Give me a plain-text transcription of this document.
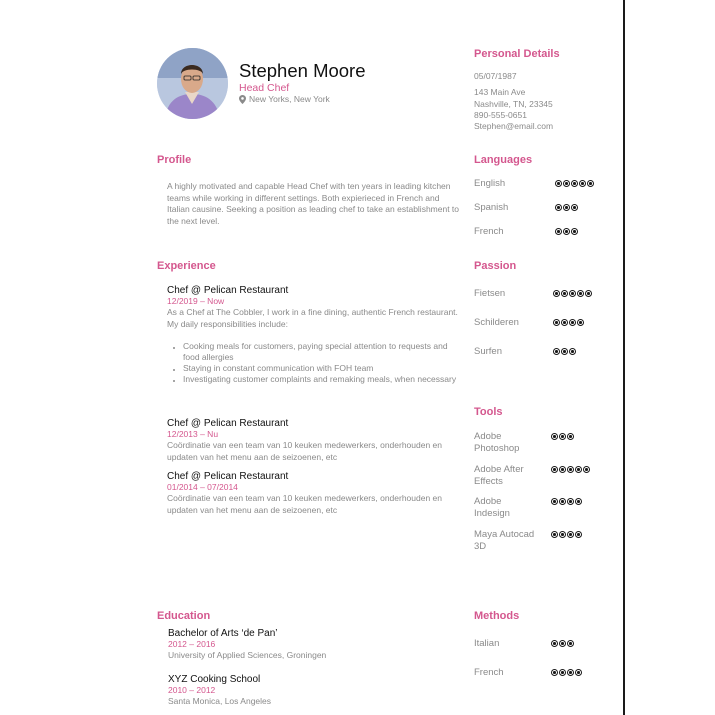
Stephen Moore
Head Chef
New Yorks, New York
Personal Details
05/07/1987
143 Main Ave
Nashville, TN, 23345
890-555-0651
Stephen@email.com
Profile
A highly motivated and capable Head Chef with ten years in leading kitchen teams while working in different settings. Both expierieced in French and Italian causine. Seeking a position as leading chef to take an establishment to the next level.
Experience
Chef @ Pelican Restaurant
12/2019 – Now
As a Chef at The Cobbler, I work in a fine dining, authentic French restaurant. My daily responsibilities include:
• Cooking meals for customers, paying special attention to requests and food allergies
• Staying in constant communication with FOH team
• Investigating customer complaints and remaking meals, when necessary
Chef @ Pelican Restaurant
12/2013 – Nu
Coördinatie van een team van 10 keuken medewerkers, onderhouden en updaten van het menu aan de seizoenen, etc
Chef @ Pelican Restaurant
01/2014 – 07/2014
Coördinatie van een team van 10 keuken medewerkers, onderhouden en updaten van het menu aan de seizoenen, etc
Education
Bachelor of Arts ‘de Pan’
2012 – 2016
University of Applied Sciences, Groningen
XYZ Cooking School
2010 – 2012
Santa Monica, Los Angeles
Languages
English
Spanish
French
Passion
Fietsen
Schilderen
Surfen
Tools
Adobe Photoshop
Adobe After Effects
Adobe Indesign
Maya Autocad 3D
Methods
Italian
French
